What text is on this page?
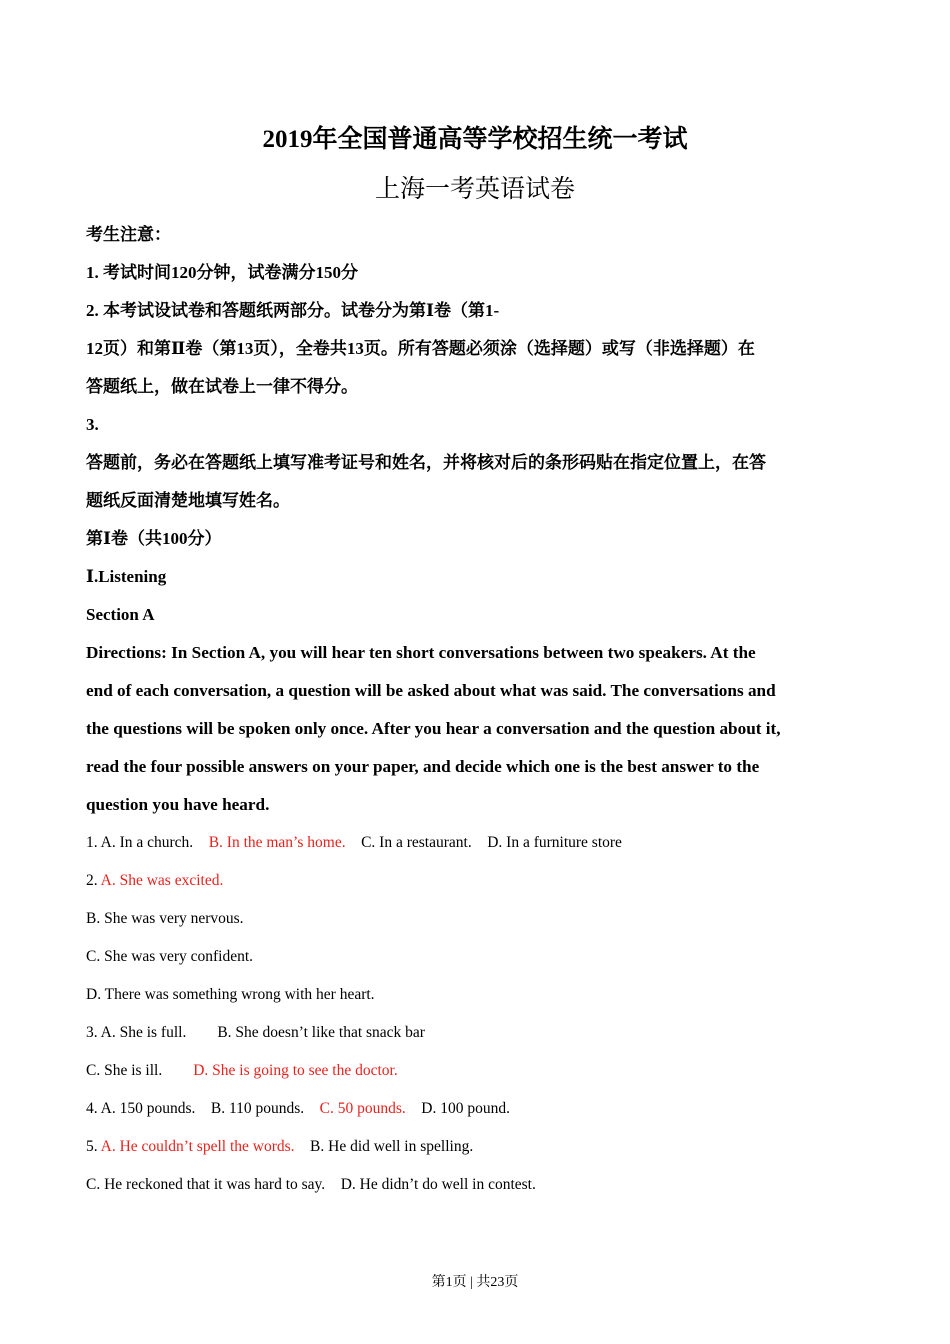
2019年全国普通高等学校招生统一考试
上海一考英语试卷
考生注意：
1. 考试时间120分钟，试卷满分150分
2. 本考试设试卷和答题纸两部分。试卷分为第Ⅰ卷（第1-
12页）和第Ⅱ卷（第13页），全卷共13页。所有答题必须涂（选择题）或写（非选择题）在
答题纸上，做在试卷上一律不得分。
3.
答题前，务必在答题纸上填写准考证号和姓名，并将核对后的条形码贴在指定位置上，在答
题纸反面清楚地填写姓名。
第Ⅰ卷（共100分）
Ⅰ.Listening
Section A
Directions: In Section A, you will hear ten short conversations between two speakers. At the
end of each conversation, a question will be asked about what was said. The conversations and
the questions will be spoken only once. After you hear a conversation and the question about it,
read the four possible answers on your paper, and decide which one is the best answer to the
question you have heard.
1. A. In a church. B. In the man’s home. C. In a restaurant. D. In a furniture store
2. A. She was excited.
B. She was very nervous.
C. She was very confident.
D. There was something wrong with her heart.
3. A. She is full. B. She doesn’t like that snack bar
C. She is ill. D. She is going to see the doctor.
4. A. 150 pounds. B. 110 pounds. C. 50 pounds. D. 100 pound.
5. A. He couldn’t spell the words. B. He did well in spelling.
C. He reckoned that it was hard to say. D. He didn’t do well in contest.
第1页 | 共23页
